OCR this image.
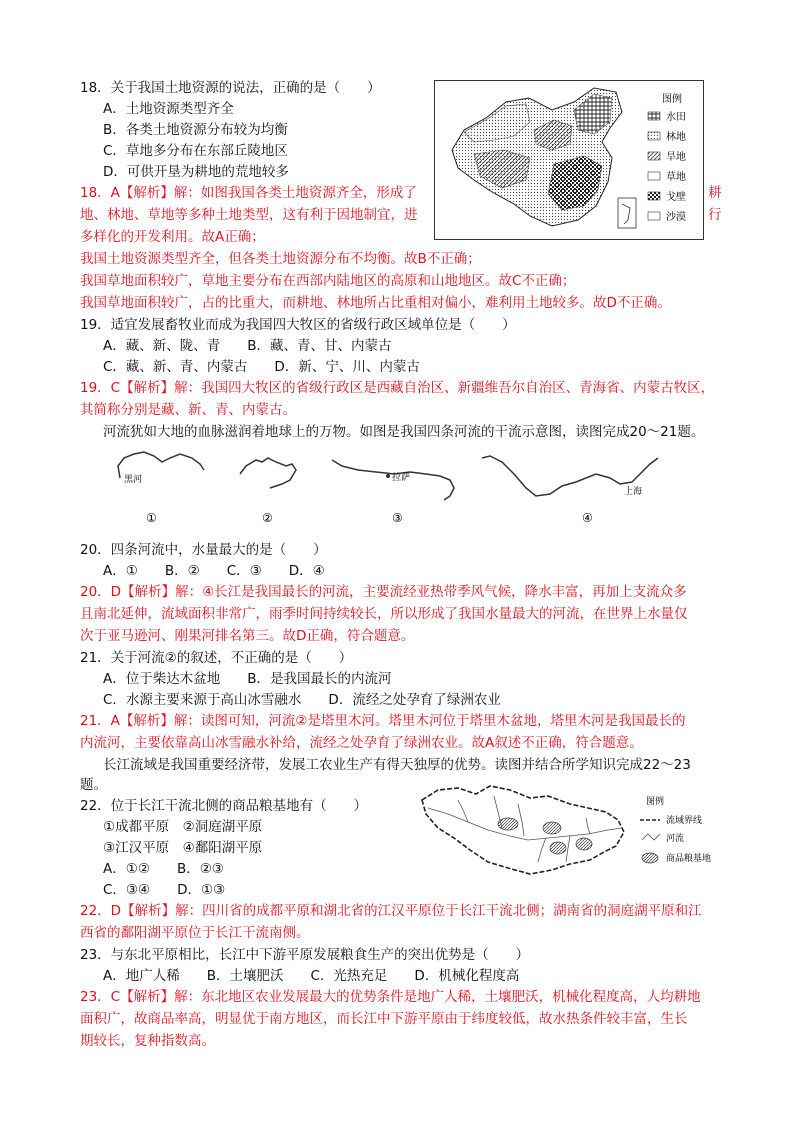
18．关于我国土地资源的说法，正确的是（　　）
A．土地资源类型齐全
B．各类土地资源分布较为均衡
C．草地多分布在东部丘陵地区
D．可供开垦为耕地的荒地较多
18．A【解析】解：如图我国各类土地资源齐全，形成了	耕
地、林地、草地等多种土地类型，这有利于因地制宜，进	行
多样化的开发利用。故A正确；
我国土地资源类型齐全，但各类土地资源分布不均衡。故B不正确；
我国草地面积较广，草地主要分布在西部内陆地区的高原和山地地区。故C不正确；
我国草地面积较广，占的比重大，而耕地、林地所占比重相对偏小，难利用土地较多。故D不正确。
图例
水田
林地
旱地
草地
戈壁
沙漠
19．适宜发展畜牧业而成为我国四大牧区的省级行政区域单位是（　　）
A．藏、新、陇、青　　B．藏、青、甘、内蒙古
C．藏、新、青、内蒙古　　D．新、宁、川、内蒙古
19．C【解析】解：我国四大牧区的省级行政区是西藏自治区、新疆维吾尔自治区、青海省、内蒙古牧区，
其简称分别是藏、新、青、内蒙古。
河流犹如大地的血脉滋润着地球上的万物。如图是我国四条河流的干流示意图，读图完成20～21题。
黑河	拉萨
上海
①	②	③	④
20．四条河流中，水量最大的是（　　）
A．①　　B．②　　C．③　　D．④
20．D【解析】解：④长江是我国最长的河流，主要流经亚热带季风气候，降水丰富，再加上支流众多
且南北延伸，流域面积非常广，雨季时间持续较长，所以形成了我国水量最大的河流，在世界上水量仅
次于亚马逊河、刚果河排名第三。故D正确，符合题意。
21．关于河流②的叙述，不正确的是（　　）
A．位于柴达木盆地　　B．是我国最长的内流河
C．水源主要来源于高山冰雪融水　　D．流经之处孕育了绿洲农业
21．A【解析】解：读图可知，河流②是塔里木河。塔里木河位于塔里木盆地，塔里木河是我国最长的
内流河，主要依靠高山冰雪融水补给，流经之处孕育了绿洲农业。故A叙述不正确，符合题意。
长江流域是我国重要经济带，发展工农业生产有得天独厚的优势。读图并结合所学知识完成22～23
题。
22．位于长江干流北侧的商品粮基地有（　　）
①成都平原　②洞庭湖平原
③江汉平原　④鄱阳湖平原
A．①②　　B．②③
C．③④　　D．①③
图例
流域界线
河流
商品粮基地
22．D【解析】解：四川省的成都平原和湖北省的江汉平原位于长江干流北侧；湖南省的洞庭湖平原和江
西省的鄱阳湖平原位于长江干流南侧。
23．与东北平原相比，长江中下游平原发展粮食生产的突出优势是（　　）
A．地广人稀　　B．土壤肥沃　　C．光热充足　　D．机械化程度高
23．C【解析】解：东北地区农业发展最大的优势条件是地广人稀，土壤肥沃，机械化程度高，人均耕地
面积广，故商品率高，明显优于南方地区，而长江中下游平原由于纬度较低，故水热条件较丰富，生长
期较长，复种指数高。
